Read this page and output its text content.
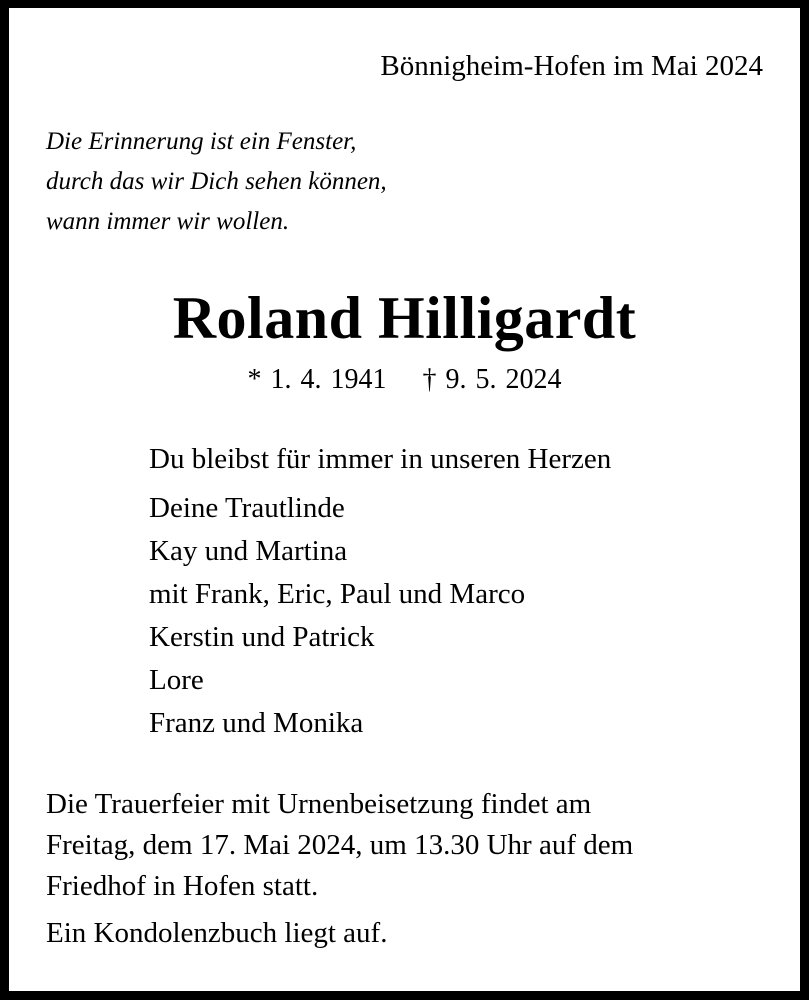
Bönnigheim-Hofen im Mai 2024
Die Erinnerung ist ein Fenster,
durch das wir Dich sehen können,
wann immer wir wollen.
Roland Hilligardt
* 1. 4. 1941    † 9. 5. 2024
Du bleibst für immer in unseren Herzen
Deine Trautlinde
Kay und Martina
mit Frank, Eric, Paul und Marco
Kerstin und Patrick
Lore
Franz und Monika
Die Trauerfeier mit Urnenbeisetzung findet am
Freitag, dem 17. Mai 2024, um 13.30 Uhr auf dem
Friedhof in Hofen statt.
Ein Kondolenzbuch liegt auf.
